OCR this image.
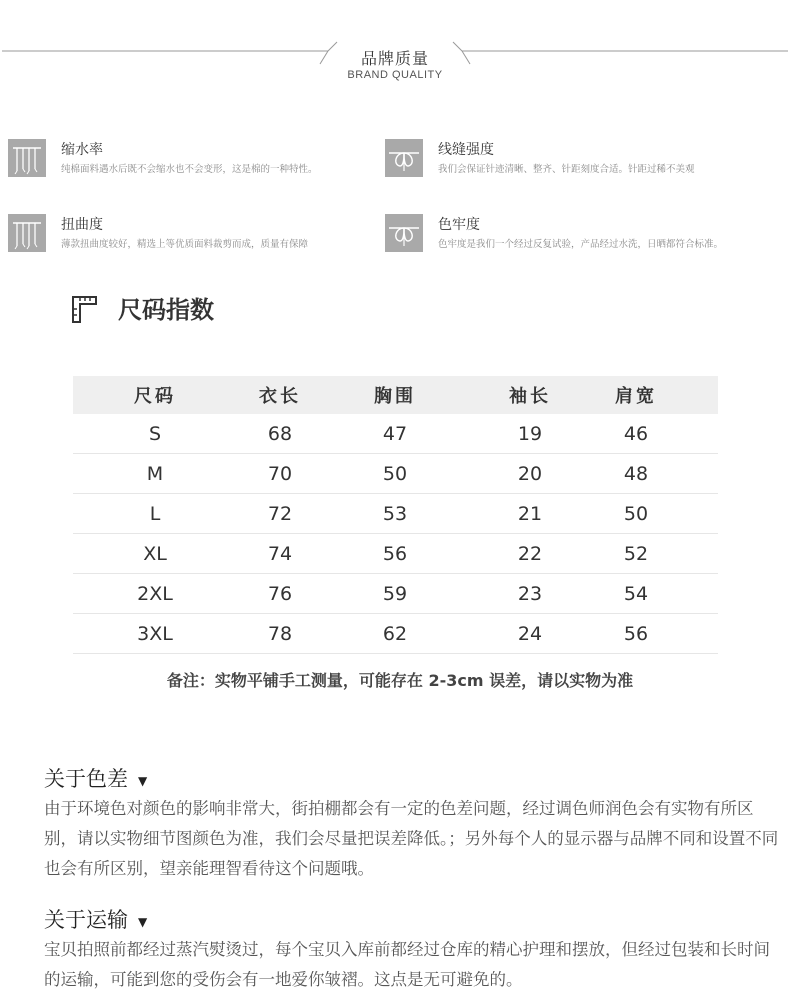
品牌质量
BRAND QUALITY
缩水率
纯棉面料遇水后既不会缩水也不会变形，这是棉的一种特性。
线缝强度
我们会保证针迹清晰、整齐、针距刻度合适。针距过稀不美观
扭曲度
薄款扭曲度较好，精选上等优质面料裁剪而成，质量有保障
色牢度
色牢度是我们一个经过反复试验，产品经过水洗，日晒都符合标准。
尺码指数
尺码	衣长	胸围	袖长	肩宽
S	68	47	19	46
M	70	50	20	48
L	72	53	21	50
XL	74	56	22	52
2XL	76	59	23	54
3XL	78	62	24	56
备注：实物平铺手工测量，可能存在 2-3cm 误差，请以实物为准
关于色差 ▼
由于环境色对颜色的影响非常大，街拍棚都会有一定的色差问题，经过调色师润色会有实物有所区别，请以实物细节图颜色为准，我们会尽量把误差降低。；另外每个人的显示器与品牌不同和设置不同也会有所区别，望亲能理智看待这个问题哦。
关于运输 ▼
宝贝拍照前都经过蒸汽熨烫过，每个宝贝入库前都经过仓库的精心护理和摆放，但经过包装和长时间的运输，可能到您的受伤会有一地爱你皱褶。这点是无可避免的。
